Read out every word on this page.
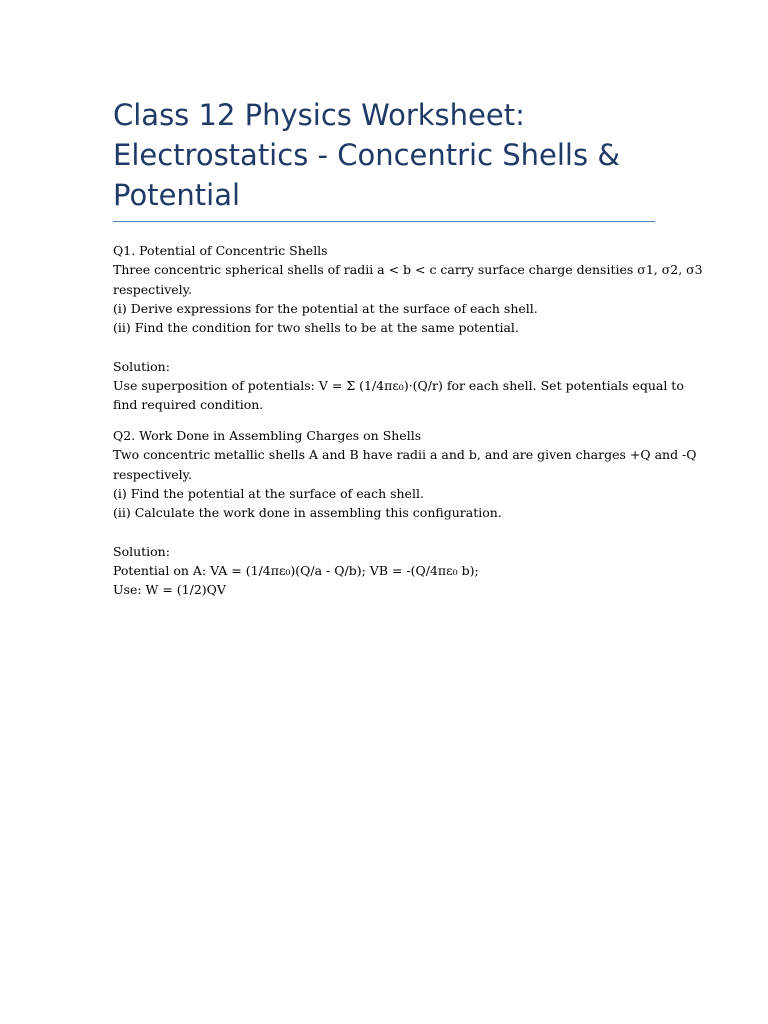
Class 12 Physics Worksheet: Electrostatics - Concentric Shells & Potential
Q1. Potential of Concentric Shells
Three concentric spherical shells of radii a < b < c carry surface charge densities σ1, σ2, σ3
respectively.
(i) Derive expressions for the potential at the surface of each shell.
(ii) Find the condition for two shells to be at the same potential.
Solution:
Use superposition of potentials: V = Σ (1/4πε₀)·(Q/r) for each shell. Set potentials equal to
find required condition.
Q2. Work Done in Assembling Charges on Shells
Two concentric metallic shells A and B have radii a and b, and are given charges +Q and -Q
respectively.
(i) Find the potential at the surface of each shell.
(ii) Calculate the work done in assembling this configuration.
Solution:
Potential on A: VA = (1/4πε₀)(Q/a - Q/b); VB = -(Q/4πε₀ b);
Use: W = (1/2)QV
